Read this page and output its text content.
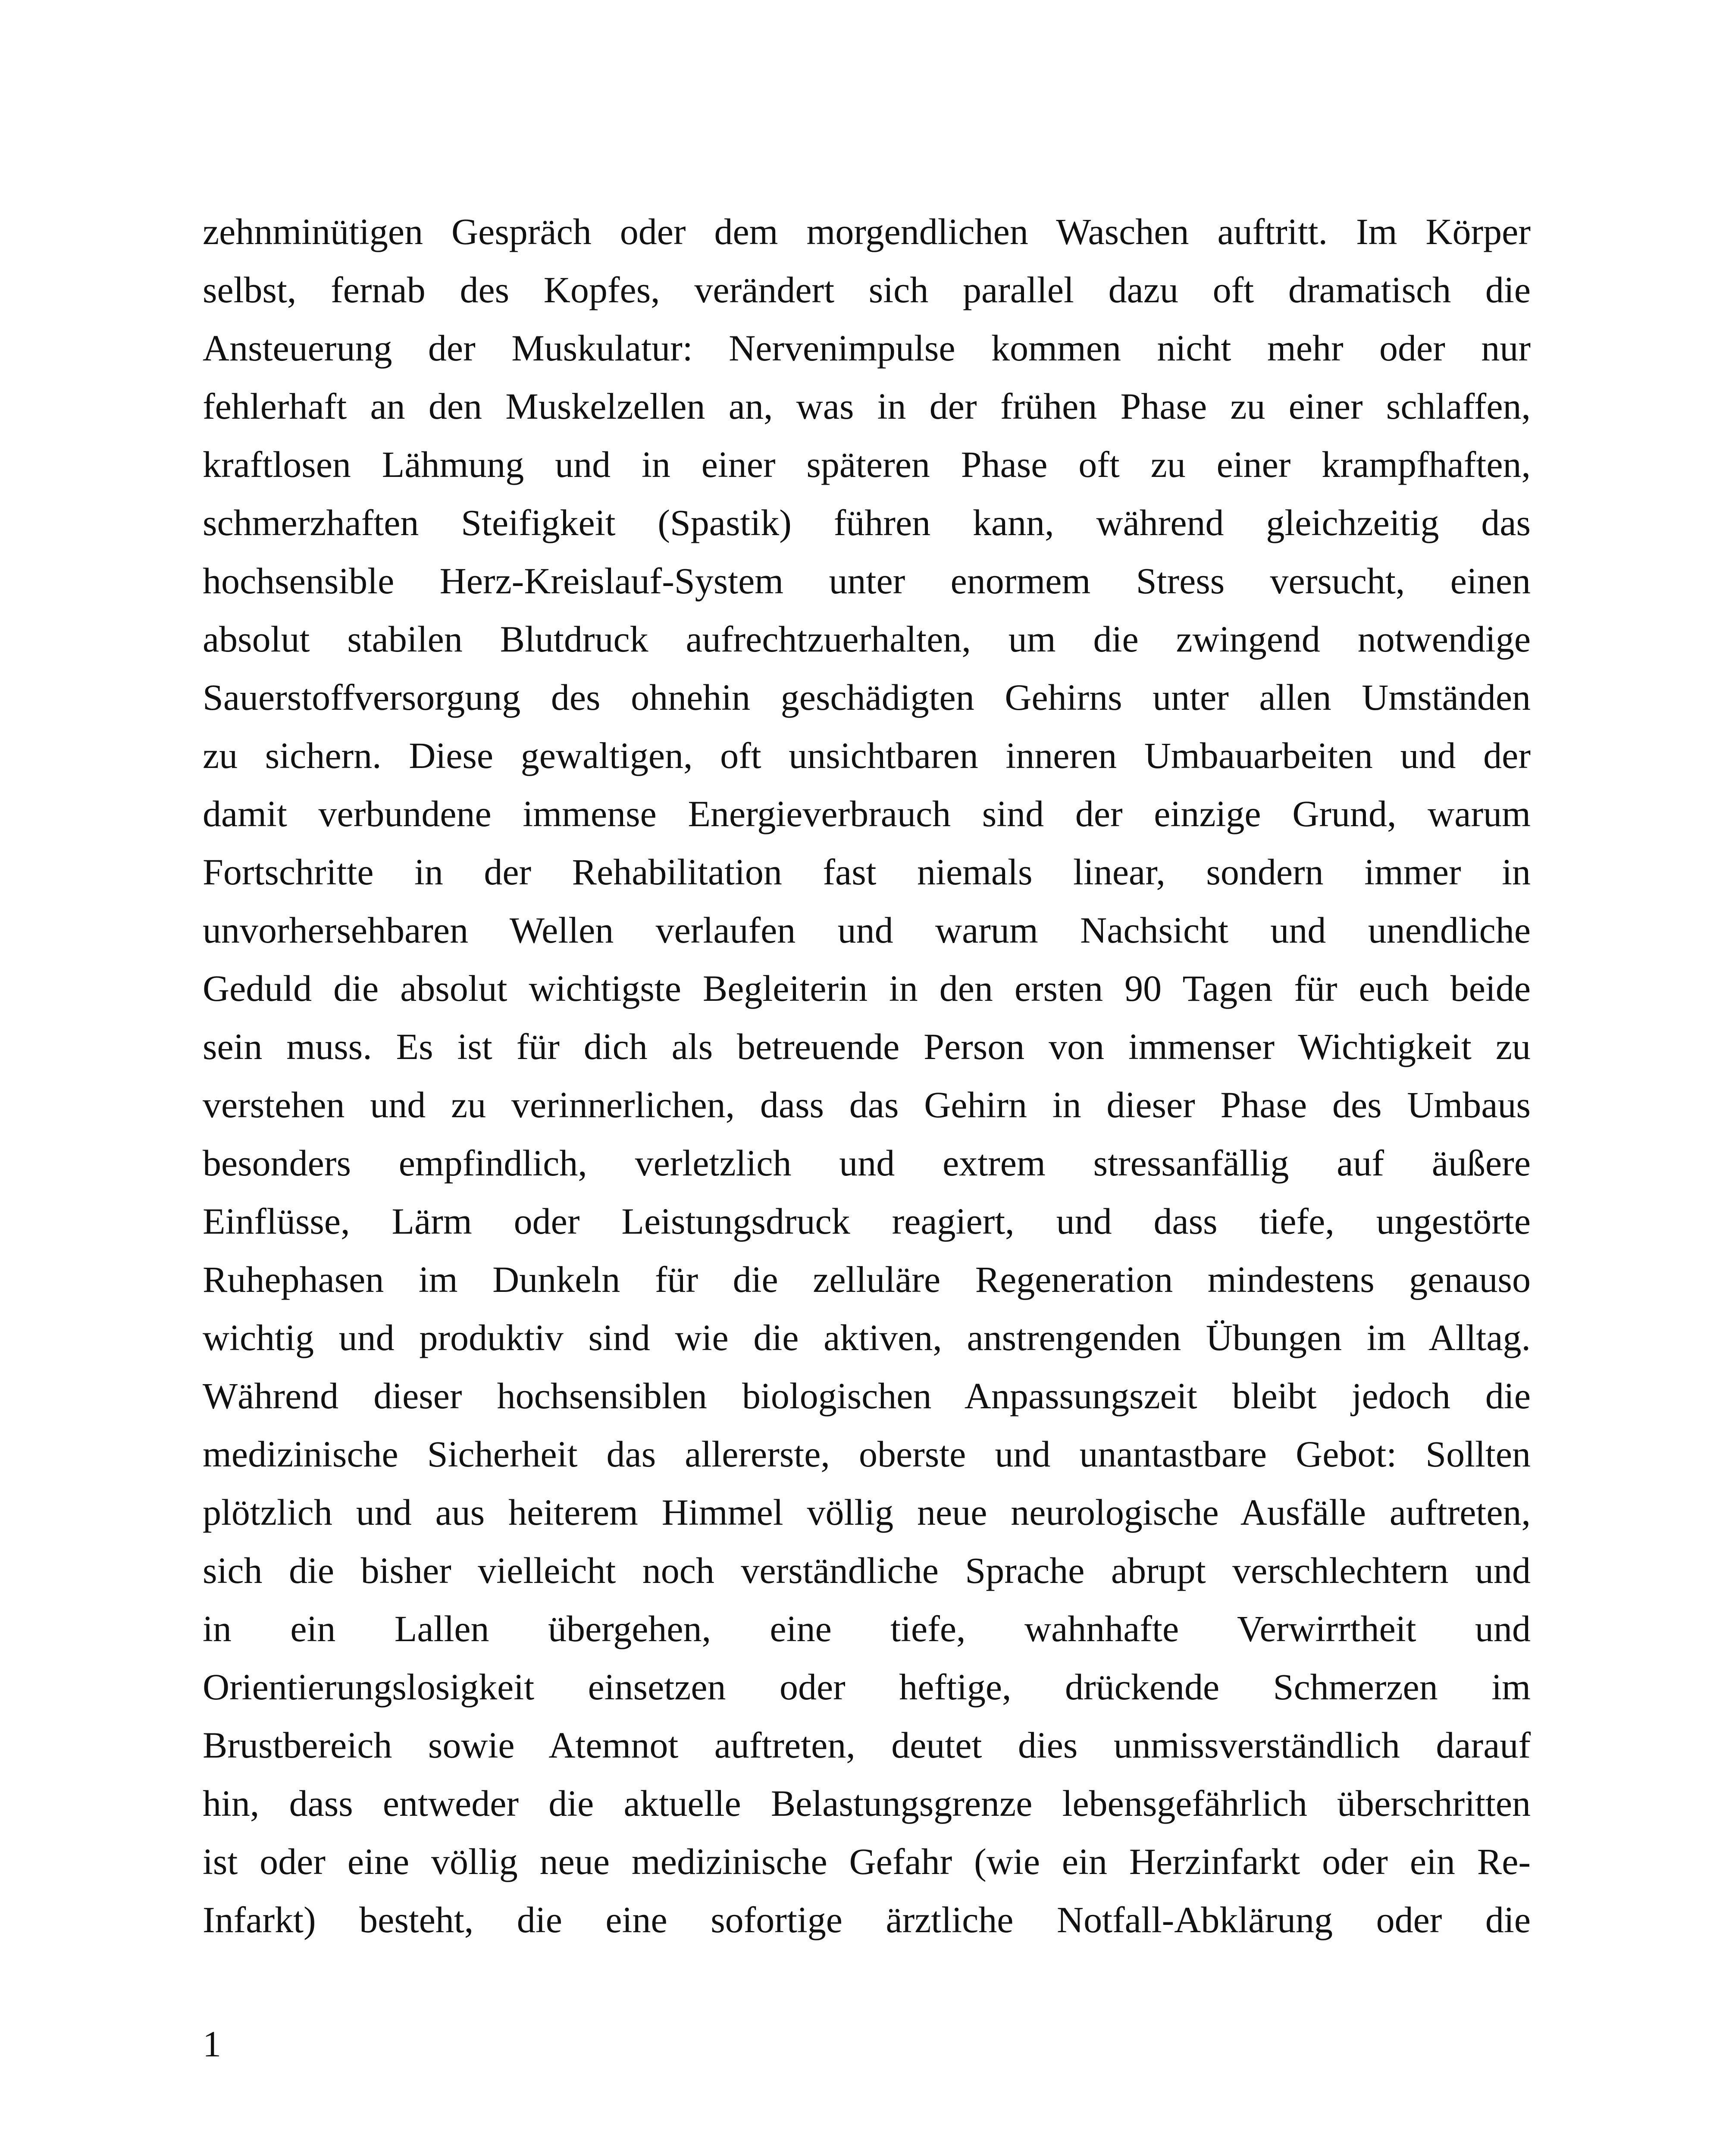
zehnminütigen Gespräch oder dem morgendlichen Waschen auftritt. Im Körper
selbst, fernab des Kopfes, verändert sich parallel dazu oft dramatisch die
Ansteuerung der Muskulatur: Nervenimpulse kommen nicht mehr oder nur
fehlerhaft an den Muskelzellen an, was in der frühen Phase zu einer schlaffen,
kraftlosen Lähmung und in einer späteren Phase oft zu einer krampfhaften,
schmerzhaften Steifigkeit (Spastik) führen kann, während gleichzeitig das
hochsensible Herz-Kreislauf-System unter enormem Stress versucht, einen
absolut stabilen Blutdruck aufrechtzuerhalten, um die zwingend notwendige
Sauerstoffversorgung des ohnehin geschädigten Gehirns unter allen Umständen
zu sichern. Diese gewaltigen, oft unsichtbaren inneren Umbauarbeiten und der
damit verbundene immense Energieverbrauch sind der einzige Grund, warum
Fortschritte in der Rehabilitation fast niemals linear, sondern immer in
unvorhersehbaren Wellen verlaufen und warum Nachsicht und unendliche
Geduld die absolut wichtigste Begleiterin in den ersten 90 Tagen für euch beide
sein muss. Es ist für dich als betreuende Person von immenser Wichtigkeit zu
verstehen und zu verinnerlichen, dass das Gehirn in dieser Phase des Umbaus
besonders empfindlich, verletzlich und extrem stressanfällig auf äußere
Einflüsse, Lärm oder Leistungsdruck reagiert, und dass tiefe, ungestörte
Ruhephasen im Dunkeln für die zelluläre Regeneration mindestens genauso
wichtig und produktiv sind wie die aktiven, anstrengenden Übungen im Alltag.
Während dieser hochsensiblen biologischen Anpassungszeit bleibt jedoch die
medizinische Sicherheit das allererste, oberste und unantastbare Gebot: Sollten
plötzlich und aus heiterem Himmel völlig neue neurologische Ausfälle auftreten,
sich die bisher vielleicht noch verständliche Sprache abrupt verschlechtern und
in ein Lallen übergehen, eine tiefe, wahnhafte Verwirrtheit und
Orientierungslosigkeit einsetzen oder heftige, drückende Schmerzen im
Brustbereich sowie Atemnot auftreten, deutet dies unmissverständlich darauf
hin, dass entweder die aktuelle Belastungsgrenze lebensgefährlich überschritten
ist oder eine völlig neue medizinische Gefahr (wie ein Herzinfarkt oder ein Re-
Infarkt) besteht, die eine sofortige ärztliche Notfall-Abklärung oder die
1
